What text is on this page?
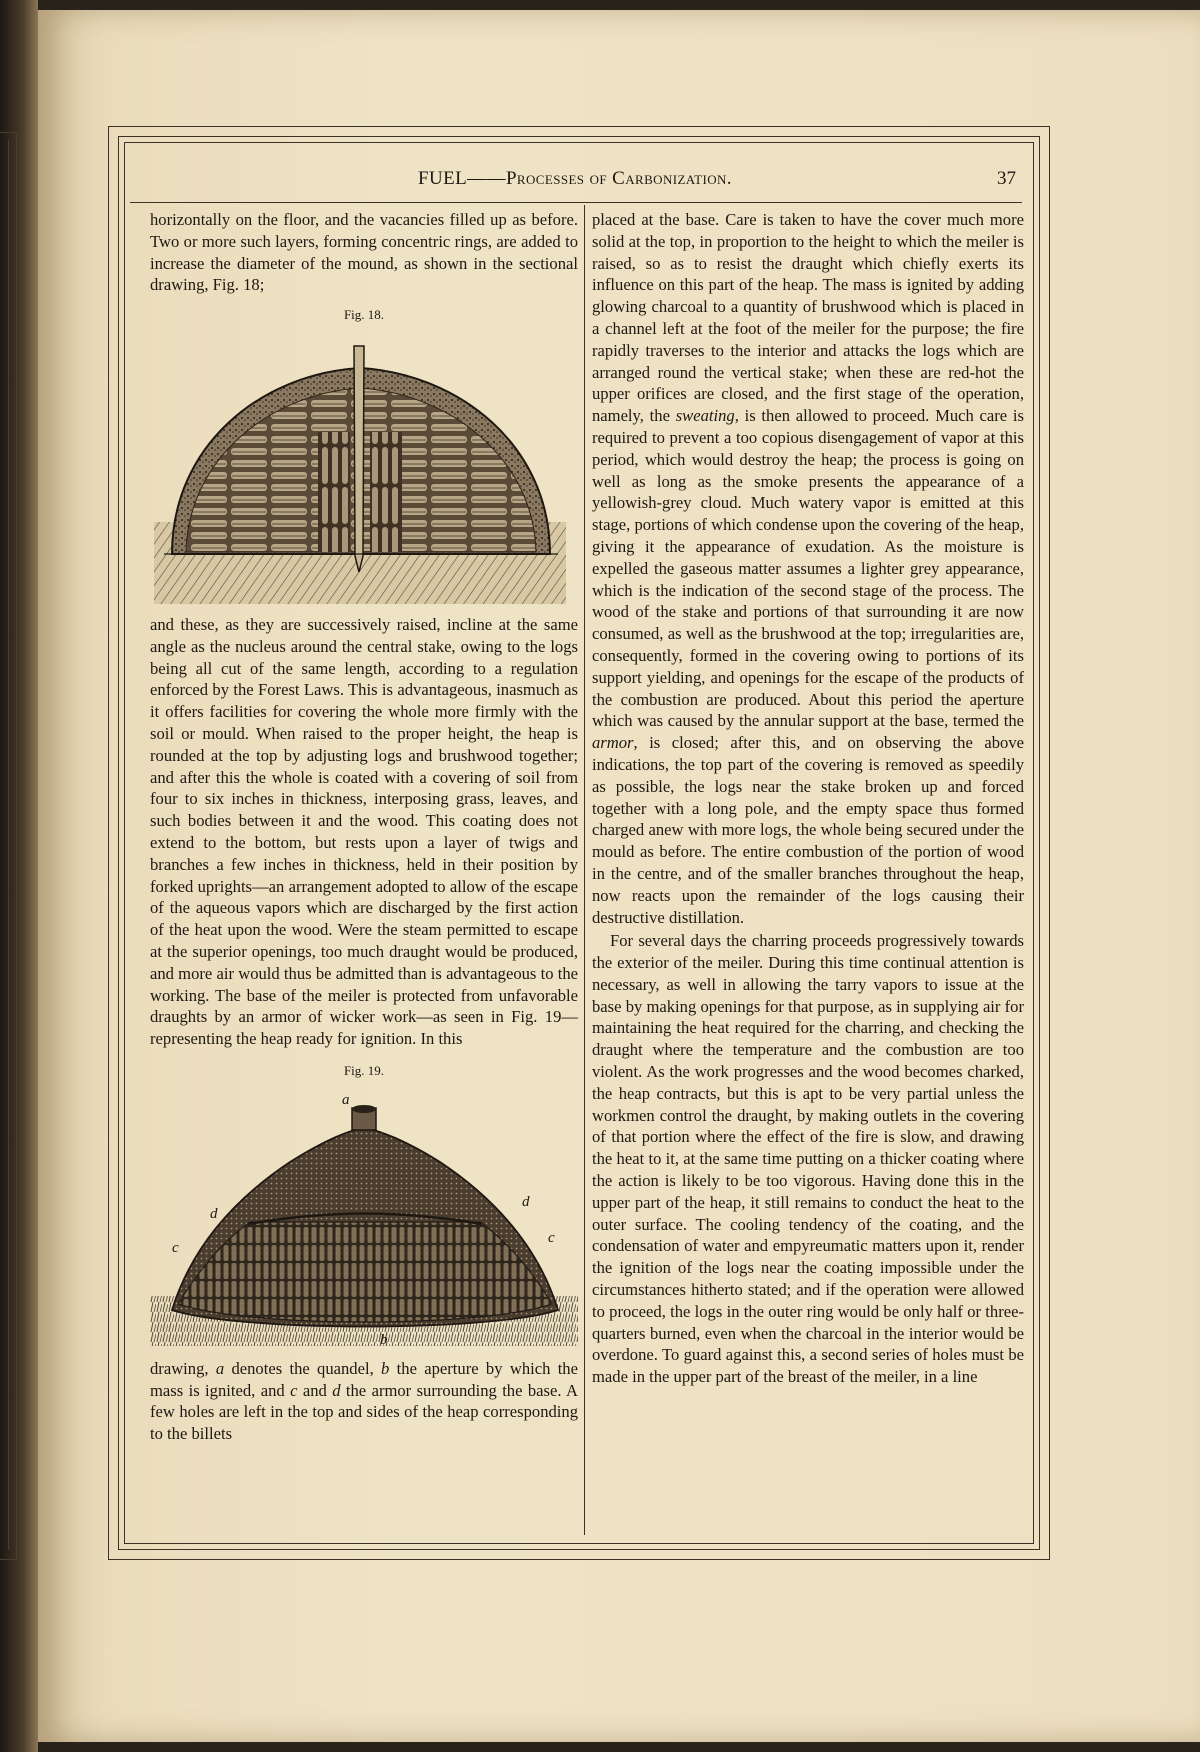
FUEL——Processes of Carbonization.	37

horizontally on the floor, and the vacancies filled up as before. Two or more such layers, forming concentric rings, are added to increase the diameter of the mound, as shown in the sectional drawing, Fig. 18;

Fig. 18.

and these, as they are successively raised, incline at the same angle as the nucleus around the central stake, owing to the logs being all cut of the same length, according to a regulation enforced by the Forest Laws. This is advantageous, inasmuch as it offers facilities for covering the whole more firmly with the soil or mould. When raised to the proper height, the heap is rounded at the top by adjusting logs and brushwood together; and after this the whole is coated with a covering of soil from four to six inches in thickness, interposing grass, leaves, and such bodies between it and the wood. This coating does not extend to the bottom, but rests upon a layer of twigs and branches a few inches in thickness, held in their position by forked uprights—an arrangement adopted to allow of the escape of the aqueous vapors which are discharged by the first action of the heat upon the wood. Were the steam permitted to escape at the superior openings, too much draught would be produced, and more air would thus be admitted than is advantageous to the working. The base of the meiler is protected from unfavorable draughts by an armor of wicker work—as seen in Fig. 19—representing the heap ready for ignition. In this

Fig. 19.
a
d
d
c
c
b

drawing, a denotes the quandel, b the aperture by which the mass is ignited, and c and d the armor surrounding the base. A few holes are left in the top and sides of the heap corresponding to the billets

placed at the base. Care is taken to have the cover much more solid at the top, in proportion to the height to which the meiler is raised, so as to resist the draught which chiefly exerts its influence on this part of the heap. The mass is ignited by adding glowing charcoal to a quantity of brushwood which is placed in a channel left at the foot of the meiler for the purpose; the fire rapidly traverses to the interior and attacks the logs which are arranged round the vertical stake; when these are red-hot the upper orifices are closed, and the first stage of the operation, namely, the sweating, is then allowed to proceed. Much care is required to prevent a too copious disengagement of vapor at this period, which would destroy the heap; the process is going on well as long as the smoke presents the appearance of a yellowish-grey cloud. Much watery vapor is emitted at this stage, portions of which condense upon the covering of the heap, giving it the appearance of exudation. As the moisture is expelled the gaseous matter assumes a lighter grey appearance, which is the indication of the second stage of the process. The wood of the stake and portions of that surrounding it are now consumed, as well as the brushwood at the top; irregularities are, consequently, formed in the covering owing to portions of its support yielding, and openings for the escape of the products of the combustion are produced. About this period the aperture which was caused by the annular support at the base, termed the armor, is closed; after this, and on observing the above indications, the top part of the covering is removed as speedily as possible, the logs near the stake broken up and forced together with a long pole, and the empty space thus formed charged anew with more logs, the whole being secured under the mould as before. The entire combustion of the portion of wood in the centre, and of the smaller branches throughout the heap, now reacts upon the remainder of the logs causing their destructive distillation.

For several days the charring proceeds progressively towards the exterior of the meiler. During this time continual attention is necessary, as well in allowing the tarry vapors to issue at the base by making openings for that purpose, as in supplying air for maintaining the heat required for the charring, and checking the draught where the temperature and the combustion are too violent. As the work progresses and the wood becomes charked, the heap contracts, but this is apt to be very partial unless the workmen control the draught, by making outlets in the covering of that portion where the effect of the fire is slow, and drawing the heat to it, at the same time putting on a thicker coating where the action is likely to be too vigorous. Having done this in the upper part of the heap, it still remains to conduct the heat to the outer surface. The cooling tendency of the coating, and the condensation of water and empyreumatic matters upon it, render the ignition of the logs near the coating impossible under the circumstances hitherto stated; and if the operation were allowed to proceed, the logs in the outer ring would be only half or three-quarters burned, even when the charcoal in the interior would be overdone. To guard against this, a second series of holes must be made in the upper part of the breast of the meiler, in a line
